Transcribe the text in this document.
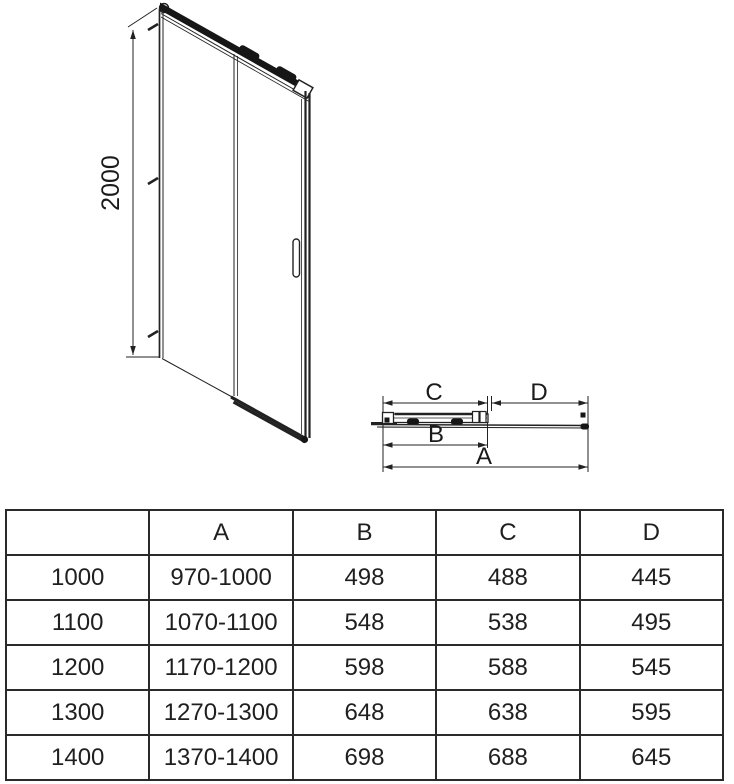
2000
C	D
B
A
	A	B	C	D
1000	970-1000	498	488	445
1100	1070-1100	548	538	495
1200	1170-1200	598	588	545
1300	1270-1300	648	638	595
1400	1370-1400	698	688	645
